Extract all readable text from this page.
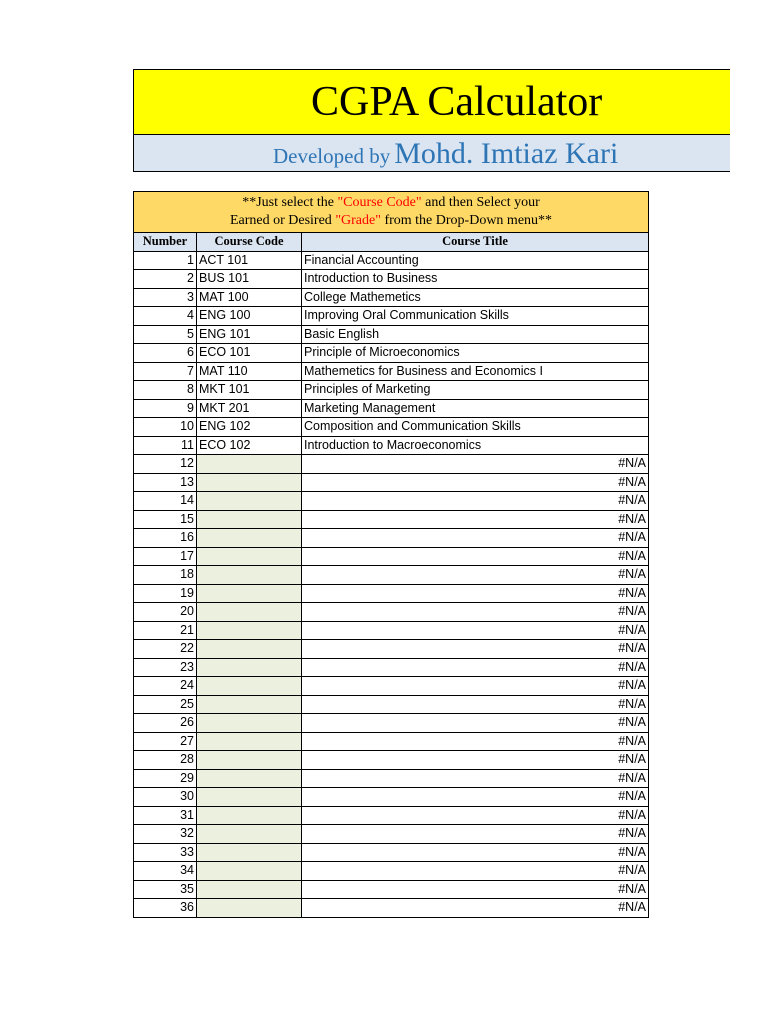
CGPA Calculator
Developed by Mohd. Imtiaz Kari
**Just select the "Course Code" and then Select your
Earned or Desired "Grade" from the Drop-Down menu**		
Number	Course Code	Course Title
1	ACT 101	Financial Accounting
2	BUS 101	Introduction to Business
3	MAT 100	College Mathemetics
4	ENG 100	Improving Oral Communication Skills
5	ENG 101	Basic English
6	ECO 101	Principle of Microeconomics
7	MAT 110	Mathemetics for Business and Economics I
8	MKT 101	Principles of Marketing
9	MKT 201	Marketing Management
10	ENG 102	Composition and Communication Skills
11	ECO 102	Introduction to Macroeconomics
12		#N/A
13		#N/A
14		#N/A
15		#N/A
16		#N/A
17		#N/A
18		#N/A
19		#N/A
20		#N/A
21		#N/A
22		#N/A
23		#N/A
24		#N/A
25		#N/A
26		#N/A
27		#N/A
28		#N/A
29		#N/A
30		#N/A
31		#N/A
32		#N/A
33		#N/A
34		#N/A
35		#N/A
36		#N/A
